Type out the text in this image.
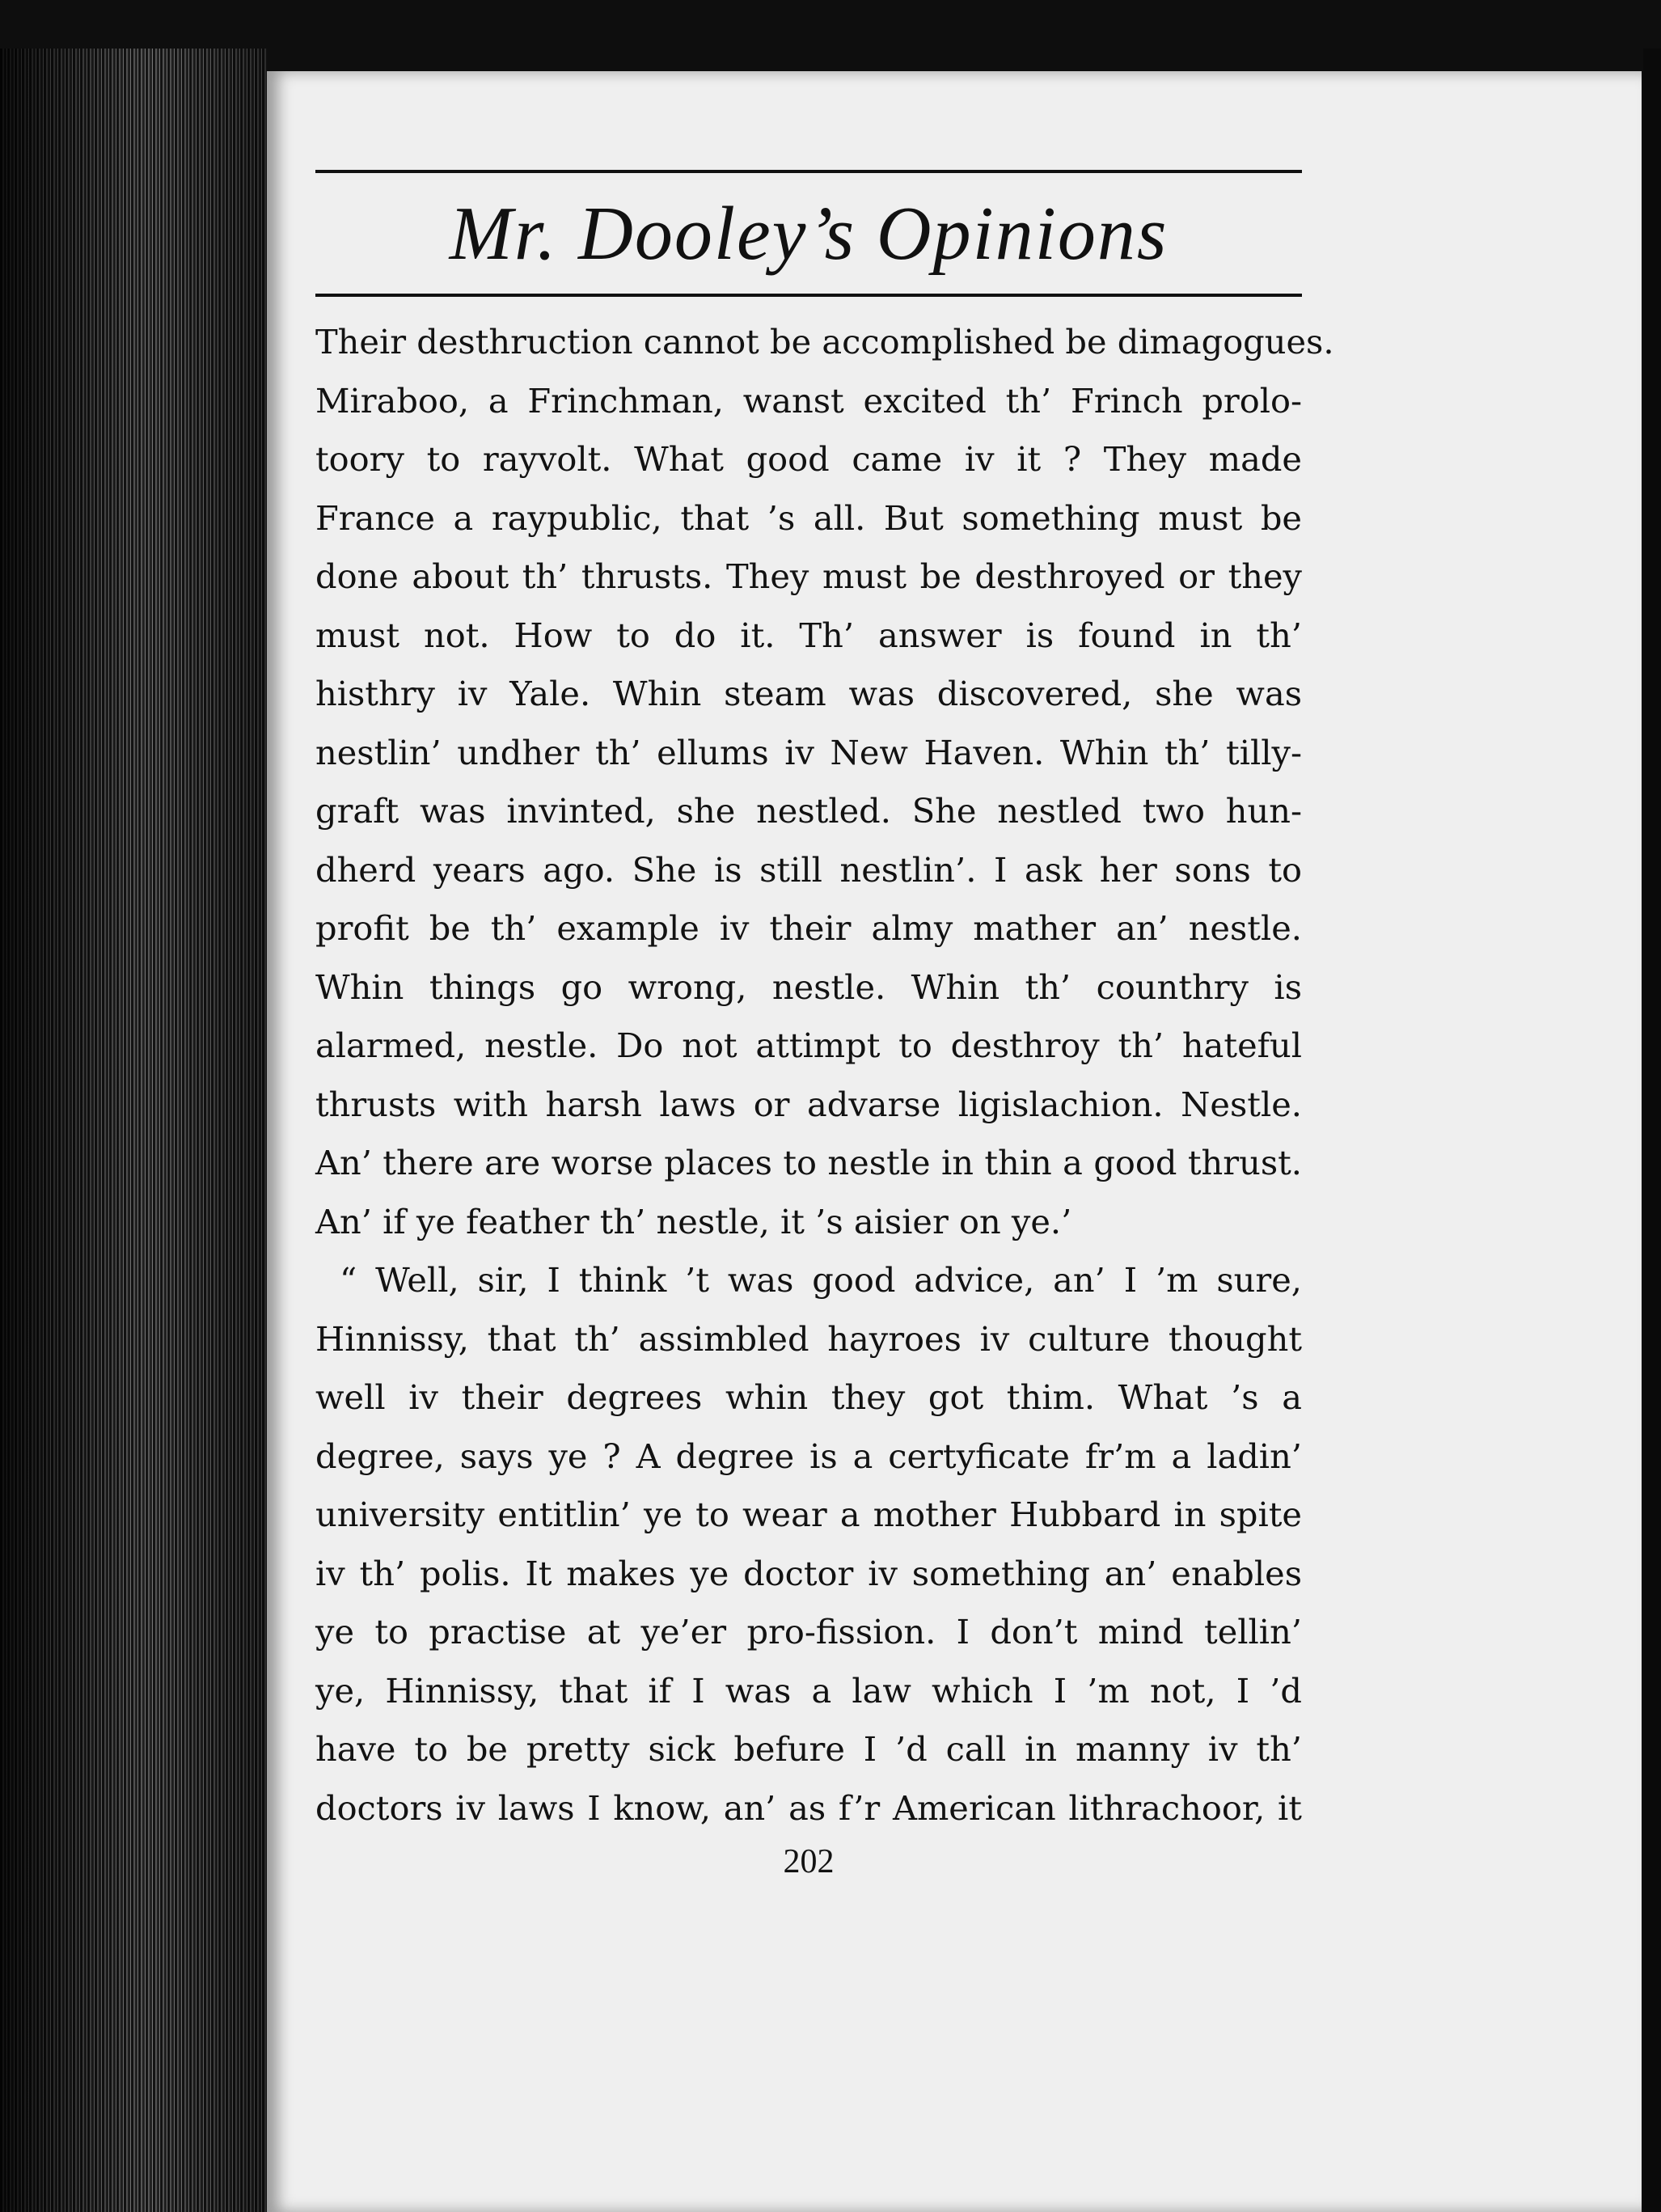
Mr. Dooley’s Opinions
Their desthruction cannot be accomplished be dimagogues.
Miraboo, a Frinchman, wanst excited th’ Frinch prolo-
toory to rayvolt. What good came iv it ? They made
France a raypublic, that ’s all. But something must be
done about th’ thrusts. They must be desthroyed or they
must not. How to do it. Th’ answer is found in th’
histhry iv Yale. Whin steam was discovered, she was
nestlin’ undher th’ ellums iv New Haven. Whin th’ tilly-
graft was invinted, she nestled. She nestled two hun-
dherd years ago. She is still nestlin’. I ask her sons to
profit be th’ example iv their almy mather an’ nestle.
Whin things go wrong, nestle. Whin th’ counthry is
alarmed, nestle. Do not attimpt to desthroy th’ hateful
thrusts with harsh laws or advarse ligislachion. Nestle.
An’ there are worse places to nestle in thin a good thrust.
An’ if ye feather th’ nestle, it ’s aisier on ye.’
“ Well, sir, I think ’t was good advice, an’ I ’m sure,
Hinnissy, that th’ assimbled hayroes iv culture thought
well iv their degrees whin they got thim. What ’s a
degree, says ye ? A degree is a certyficate fr’m a ladin’
university entitlin’ ye to wear a mother Hubbard in spite
iv th’ polis. It makes ye doctor iv something an’ enables
ye to practise at ye’er pro-fission. I don’t mind tellin’
ye, Hinnissy, that if I was a law which I ’m not, I ’d
have to be pretty sick befure I ’d call in manny iv th’
doctors iv laws I know, an’ as f’r American lithrachoor, it
202
